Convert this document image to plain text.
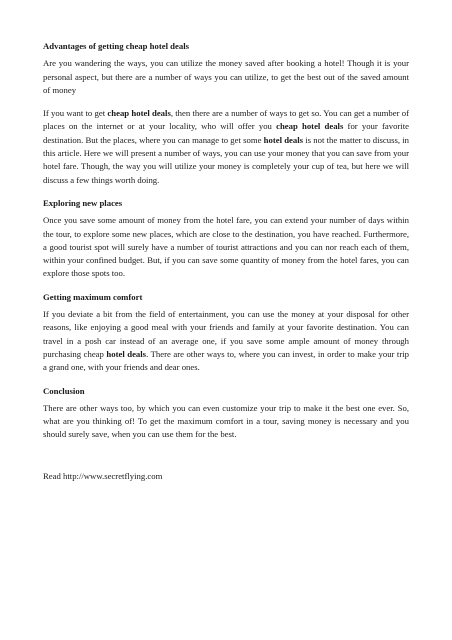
Advantages of getting cheap hotel deals

Are you wandering the ways, you can utilize the money saved after booking a hotel! Though it is your personal aspect, but there are a number of ways you can utilize, to get the best out of the saved amount of money

If you want to get cheap hotel deals, then there are a number of ways to get so. You can get a number of places on the internet or at your locality, who will offer you cheap hotel deals for your favorite destination. But the places, where you can manage to get some hotel deals is not the matter to discuss, in this article. Here we will present a number of ways, you can use your money that you can save from your hotel fare. Though, the way you will utilize your money is completely your cup of tea, but here we will discuss a few things worth doing.

Exploring new places

Once you save some amount of money from the hotel fare, you can extend your number of days within the tour, to explore some new places, which are close to the destination, you have reached. Furthermore, a good tourist spot will surely have a number of tourist attractions and you can nor reach each of them, within your confined budget. But, if you can save some quantity of money from the hotel fares, you can explore those spots too.

Getting maximum comfort

If you deviate a bit from the field of entertainment, you can use the money at your disposal for other reasons, like enjoying a good meal with your friends and family at your favorite destination. You can travel in a posh car instead of an average one, if you save some ample amount of money through purchasing cheap hotel deals. There are other ways to, where you can invest, in order to make your trip a grand one, with your friends and dear ones.

Conclusion

There are other ways too, by which you can even customize your trip to make it the best one ever. So, what are you thinking of! To get the maximum comfort in a tour, saving money is necessary and you should surely save, when you can use them for the best.

Read http://www.secretflying.com
